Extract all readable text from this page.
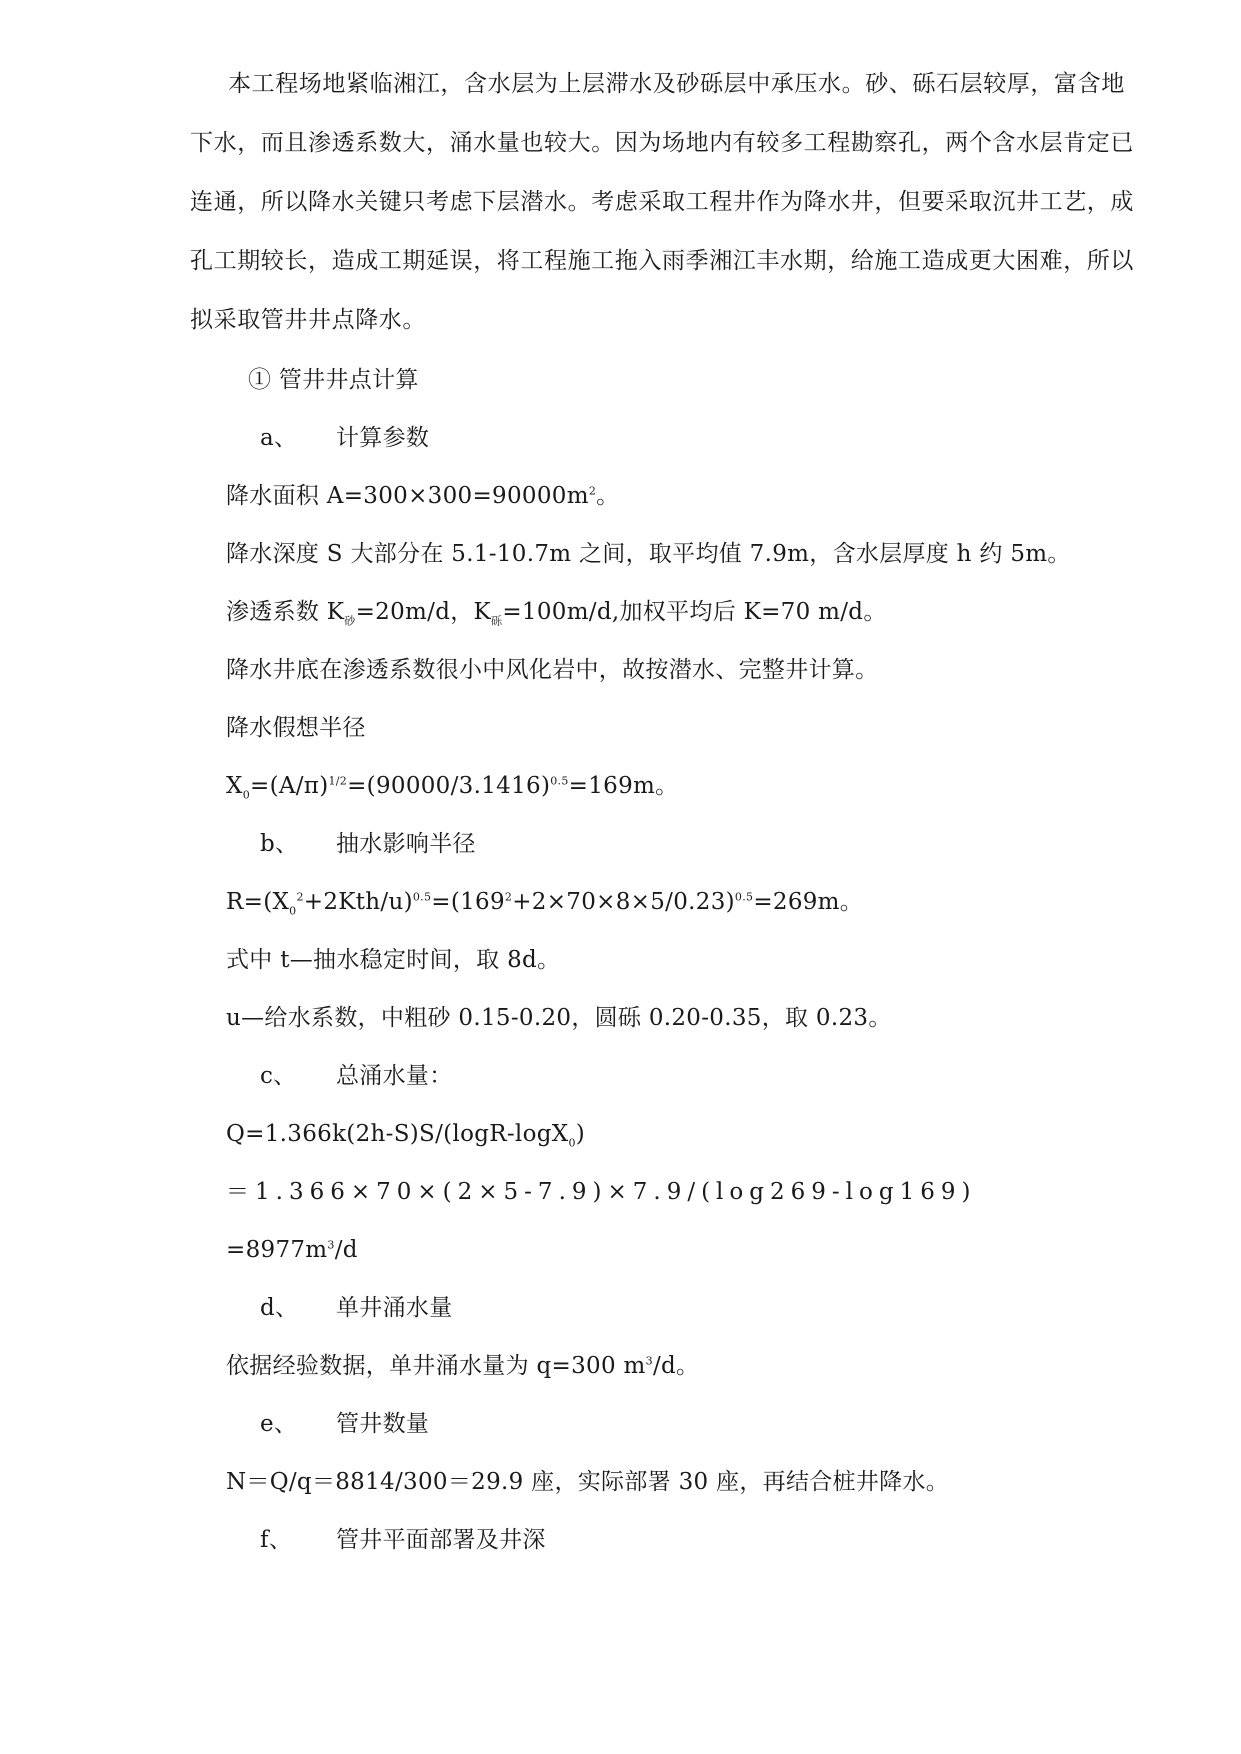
本工程场地紧临湘江，含水层为上层滞水及砂砾层中承压水。砂、砾石层较厚，富含地下水，而且渗透系数大，涌水量也较大。因为场地内有较多工程勘察孔，两个含水层肯定已连通，所以降水关键只考虑下层潜水。考虑采取工程井作为降水井，但要采取沉井工艺，成孔工期较长，造成工期延误，将工程施工拖入雨季湘江丰水期，给施工造成更大困难，所以拟采取管井井点降水。
① 管井井点计算
a、 计算参数
降水面积 $A=300\times 300=90000m^2$。
降水深度 S 大部分在 5.1-10.7m 之间，取平均值 7.9m，含水层厚度 h 约 5m。
渗透系数 $K_砂=20m/d$，$K_砾=100m/d$,加权平均后 K=70 m/d。
降水井底在渗透系数很小中风化岩中，故按潜水、完整井计算。
降水假想半径
$X_0=(A/\pi)^{1/2}=(90000/3.1416)^{0.5}=169m$。
b、 抽水影响半径
$R=(X_0^2+2Kth/u)^{0.5}=(169^2+2\times 70\times 8\times 5/0.23)^{0.5}=269m$。
式中 t—抽水稳定时间，取 8d。
u—给水系数，中粗砂 0.15-0.20，圆砾 0.20-0.35，取 0.23。
c、 总涌水量：
Q=1.366k(2h-S)S/(logR-logX$_0$)
＝1.366×70×(2×5-7.9)×7.9/(log269-log169)
$=8977m^3/d$
d、 单井涌水量
依据经验数据，单井涌水量为 q=300 $m^3/d$。
e、 管井数量
N＝Q/q＝8814/300＝29.9 座，实际部署 30 座，再结合桩井降水。
f、 管井平面部署及井深
